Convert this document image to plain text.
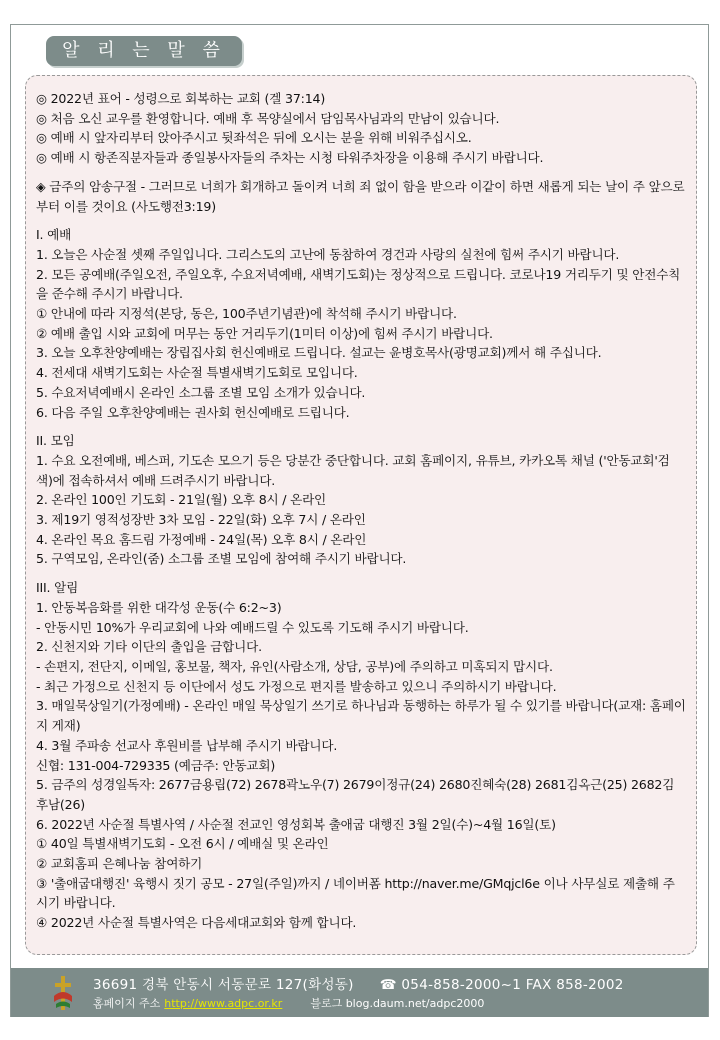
알 리 는 말 씀

◎ 2022년 표어 - 성령으로 회복하는 교회 (겔 37:14)

◎ 처음 오신 교우를 환영합니다. 예배 후 목양실에서 담임목사님과의 만남이 있습니다.

◎ 예배 시 앞자리부터 앉아주시고 뒷좌석은 뒤에 오시는 분을 위해 비워주십시오.

◎ 예배 시 항존직분자들과 종일봉사자들의 주차는 시청 타워주차장을 이용해 주시기 바랍니다.

◈ 금주의 암송구절 - 그러므로 너희가 회개하고 돌이켜 너희 죄 없이 함을 받으라 이같이 하면 새롭게 되는 날이 주 앞으로부터 이를 것이요 (사도행전3:19)

I. 예배

1. 오늘은 사순절 셋째 주일입니다. 그리스도의 고난에 동참하여 경건과 사랑의 실천에 힘써 주시기 바랍니다.

2. 모든 공예배(주일오전, 주일오후, 수요저녁예배, 새벽기도회)는 정상적으로 드립니다. 코로나19 거리두기 및 안전수칙을 준수해 주시기 바랍니다.

① 안내에 따라 지정석(본당, 동은, 100주년기념관)에 착석해 주시기 바랍니다.

② 예배 출입 시와 교회에 머무는 동안 거리두기(1미터 이상)에 힘써 주시기 바랍니다.

3. 오늘 오후찬양예배는 장립집사회 헌신예배로 드립니다. 설교는 윤병호목사(광명교회)께서 해 주십니다.

4. 전세대 새벽기도회는 사순절 특별새벽기도회로 모입니다.

5. 수요저녁예배시 온라인 소그룹 조별 모임 소개가 있습니다.

6. 다음 주일 오후찬양예배는 권사회 헌신예배로 드립니다.

II. 모임

1. 수요 오전예배, 베스퍼, 기도손 모으기 등은 당분간 중단합니다. 교회 홈페이지, 유튜브, 카카오톡 채널 ('안동교회'검색)에 접속하셔서 예배 드려주시기 바랍니다.

2. 온라인 100인 기도회 - 21일(월) 오후 8시 / 온라인

3. 제19기 영적성장반 3차 모임 - 22일(화) 오후 7시 / 온라인

4. 온라인 목요 홈드림 가정예배 - 24일(목) 오후 8시 / 온라인

5. 구역모임, 온라인(줌) 소그룹 조별 모임에 참여해 주시기 바랍니다.

III. 알림

1. 안동복음화를 위한 대각성 운동(수 6:2~3)

- 안동시민 10%가 우리교회에 나와 예배드릴 수 있도록 기도해 주시기 바랍니다.

2. 신천지와 기타 이단의 출입을 금합니다.

- 손편지, 전단지, 이메일, 홍보물, 책자, 유인(사람소개, 상담, 공부)에 주의하고 미혹되지 맙시다.

- 최근 가정으로 신천지 등 이단에서 성도 가정으로 편지를 발송하고 있으니 주의하시기 바랍니다.

3. 매일묵상일기(가정예배) - 온라인 매일 묵상일기 쓰기로 하나님과 동행하는 하루가 될 수 있기를 바랍니다(교재: 홈페이지 게재)

4. 3월 주파송 선교사 후원비를 납부해 주시기 바랍니다.

신협: 131-004-729335 (예금주: 안동교회)

5. 금주의 성경일독자: 2677금용립(72) 2678곽노우(7) 2679이정규(24) 2680진혜숙(28) 2681김옥근(25) 2682김후남(26)

6. 2022년 사순절 특별사역 / 사순절 전교인 영성회복 출애굽 대행진 3월 2일(수)~4월 16일(토)

① 40일 특별새벽기도회 - 오전 6시 / 예배실 및 온라인

② 교회홈피 은혜나눔 참여하기

③ '출애굽대행진' 육행시 짓기 공모 - 27일(주일)까지 / 네이버폼 http://naver.me/GMqjcl6e 이나 사무실로 제출해 주시기 바랍니다.

④ 2022년 사순절 특별사역은 다음세대교회와 함께 합니다.

36691 경북 안동시 서동문로 127(화성동) ☎ 054-858-2000~1 FAX 858-2002
홈페이지 주소 http://www.adpc.or.kr	블로그 blog.daum.net/adpc2000
